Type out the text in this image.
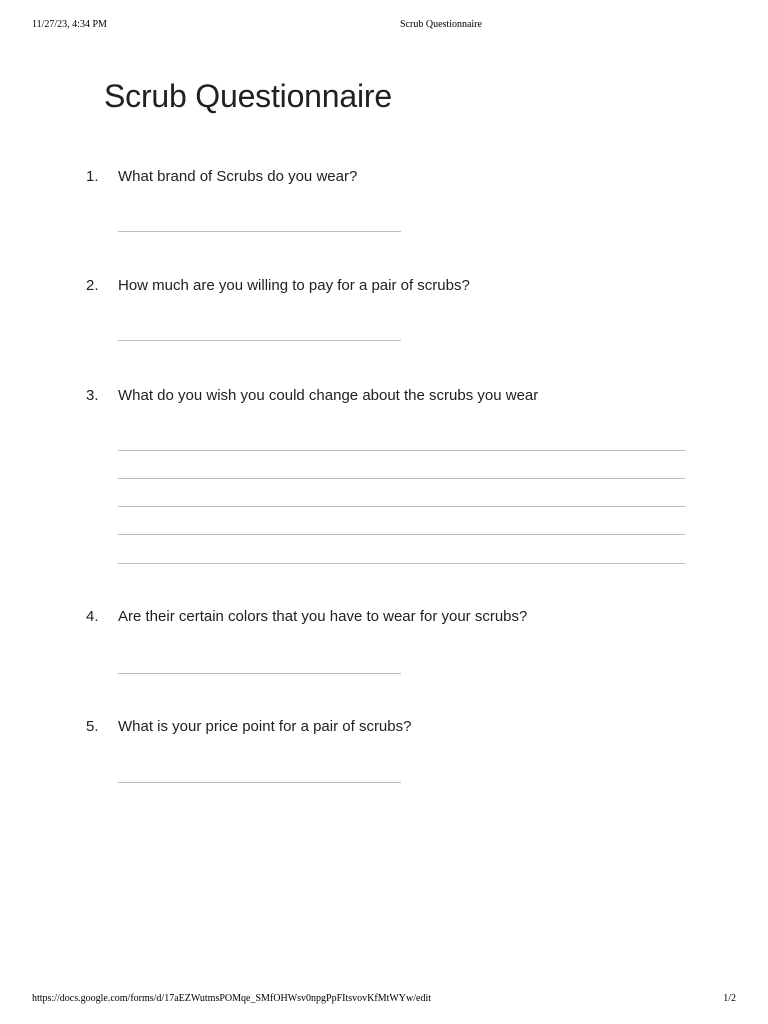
11/27/23, 4:34 PM	Scrub Questionnaire
Scrub Questionnaire
1. What brand of Scrubs do you wear?
2. How much are you willing to pay for a pair of scrubs?
3. What do you wish you could change about the scrubs you wear
4. Are their certain colors that you have to wear for your scrubs?
5. What is your price point for a pair of scrubs?
https://docs.google.com/forms/d/17aEZWutmsPOMqe_SMfOHWsv0npgPpFItsvovKfMtWYw/edit	1/2
